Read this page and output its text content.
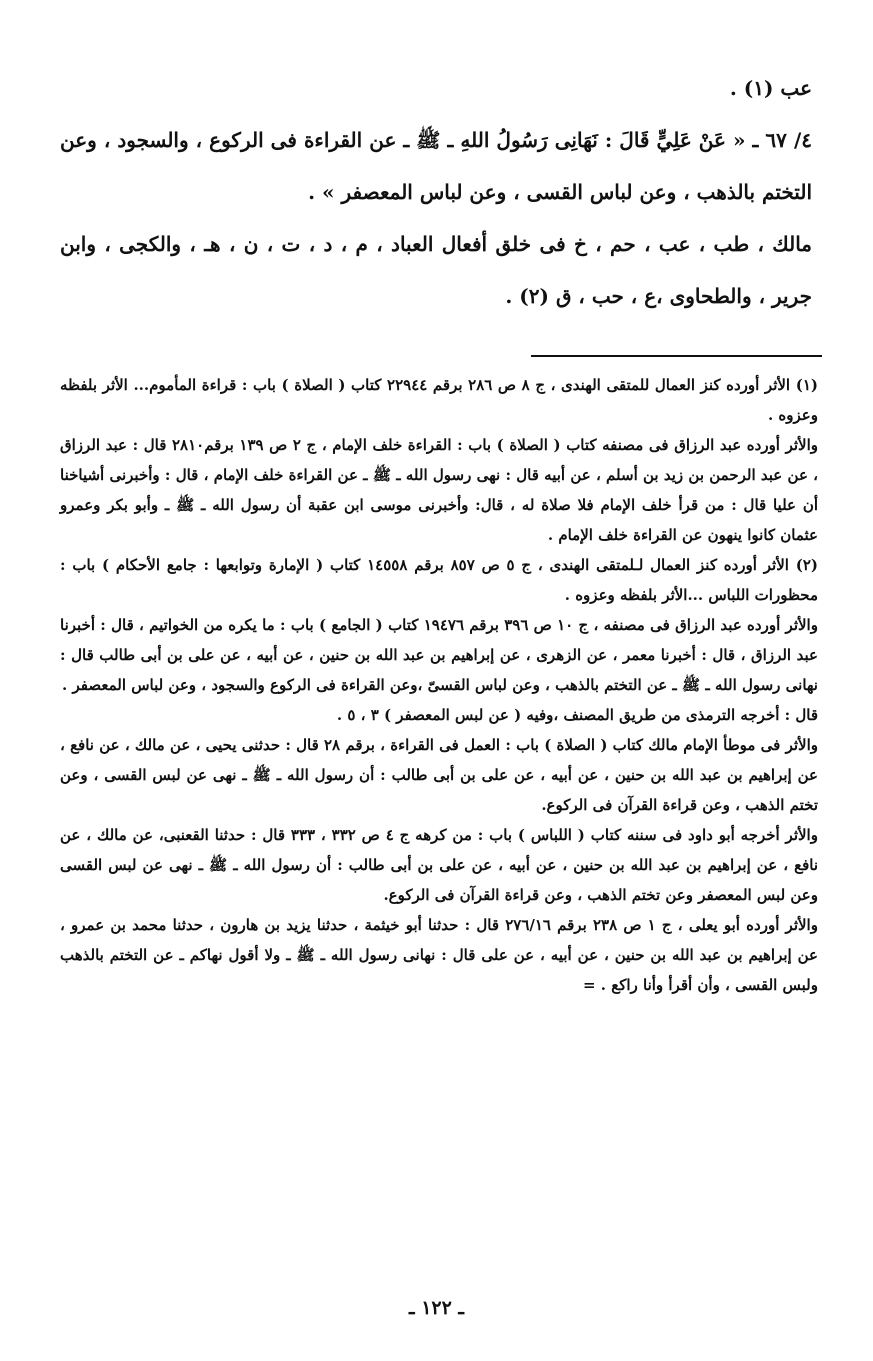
عب (١) .

٤/ ٦٧ ـ « عَنْ عَلِيٍّ قَالَ : نَهَانِى رَسُولُ اللهِ ـ ﷺ ـ عن القراءة فى الركوع ، والسجود ، وعن التختم بالذهب ، وعن لباس القسى ، وعن لباس المعصفر » .

مالك ، طب ، عب ، حم ، خ فى خلق أفعال العباد ، م ، د ، ت ، ن ، هـ ، والكجى ، وابن جرير ، والطحاوى ،ع ، حب ، ق (٢) .

(١) الأثر أورده كنز العمال للمتقى الهندى ، ج ٨ ص ٢٨٦ برقم ٢٢٩٤٤ كتاب ( الصلاة ) باب : قراءة المأموم... الأثر بلفظه وعزوه .

والأثر أورده عبد الرزاق فى مصنفه كتاب ( الصلاة ) باب : القراءة خلف الإمام ، ج ٢ ص ١٣٩ برقم٢٨١٠ قال : عبد الرزاق ، عن عبد الرحمن بن زيد بن أسلم ، عن أبيه قال : نهى رسول الله ـ ﷺ ـ عن القراءة خلف الإمام ، قال : وأخبرنى أشياخنا أن عليا قال : من قرأ خلف الإمام فلا صلاة له ، قال: وأخبرنى موسى ابن عقبة أن رسول الله ـ ﷺ ـ وأبو بكر وعمرو عثمان كانوا ينهون عن القراءة خلف الإمام .

(٢) الأثر أورده كنز العمال لـلمتقى الهندى ، ج ٥ ص ٨٥٧ برقم ١٤٥٥٨ كتاب ( الإمارة وتوابعها : جامع الأحكام ) باب : محظورات اللباس ...الأثر بلفظه وعزوه .

والأثر أورده عبد الرزاق فى مصنفه ، ج ١٠ ص ٣٩٦ برقم ١٩٤٧٦ كتاب ( الجامع ) باب : ما يكره من الخواتيم ، قال : أخبرنا عبد الرزاق ، قال : أخبرنا معمر ، عن الزهرى ، عن إبراهيم بن عبد الله بن حنين ، عن أبيه ، عن على بن أبى طالب قال : نهانى رسول الله ـ ﷺ ـ عن التختم بالذهب ، وعن لباس القسىّ ،وعن القراءة فى الركوع والسجود ، وعن لباس المعصفر .

قال : أخرجه الترمذى من طريق المصنف ،وفيه ( عن لبس المعصفر ) ٣ ، ٥ .

والأثر فى موطأ الإمام مالك كتاب ( الصلاة ) باب : العمل فى القراءة ، برقم ٢٨ قال : حدثنى يحيى ، عن مالك ، عن نافع ، عن إبراهيم بن عبد الله بن حنين ، عن أبيه ، عن على بن أبى طالب : أن رسول الله ـ ﷺ ـ نهى عن لبس القسى ، وعن تختم الذهب ، وعن قراءة القرآن فى الركوع.

والأثر أخرجه أبو داود فى سننه كتاب ( اللباس ) باب : من كرهه ج ٤ ص ٣٣٢ ، ٣٣٣ قال : حدثنا القعنبى، عن مالك ، عن نافع ، عن إبراهيم بن عبد الله بن حنين ، عن أبيه ، عن على بن أبى طالب : أن رسول الله ـ ﷺ ـ نهى عن لبس القسى وعن لبس المعصفر وعن تختم الذهب ، وعن قراءة القرآن فى الركوع.

والأثر أورده أبو يعلى ، ج ١ ص ٢٣٨ برقم ٢٧٦/١٦ قال : حدثنا أبو خيثمة ، حدثنا يزيد بن هارون ، حدثنا محمد بن عمرو ، عن إبراهيم بن عبد الله بن حنين ، عن أبيه ، عن على قال : نهانى رسول الله ـ ﷺ ـ ولا أقول نهاكم ـ عن التختم بالذهب ولبس القسى ، وأن أقرأ وأنا راكع . =

ـ ١٢٢ ـ
